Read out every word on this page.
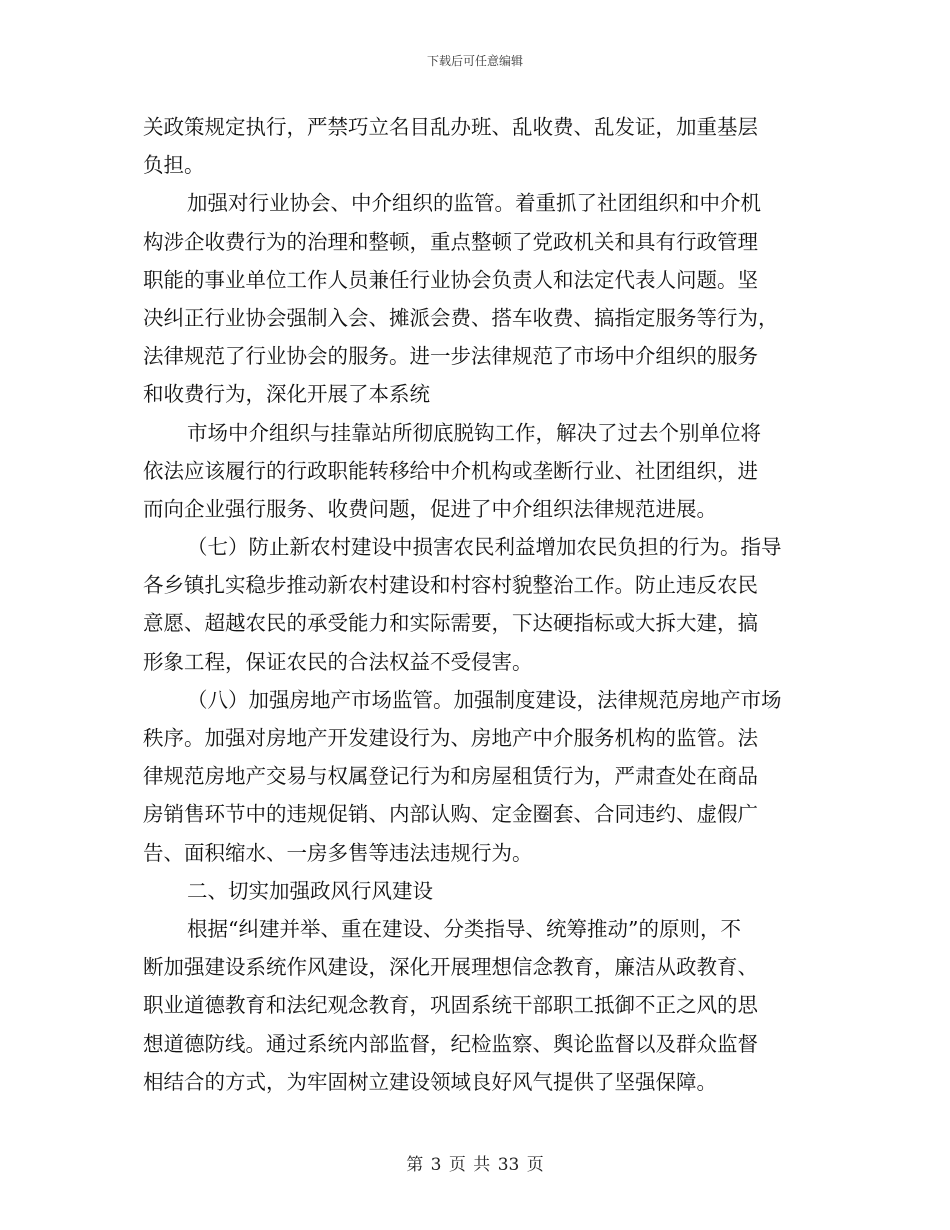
下载后可任意编辑
关政策规定执行，严禁巧立名目乱办班、乱收费、乱发证，加重基层
负担。
加强对行业协会、中介组织的监管。着重抓了社团组织和中介机
构涉企收费行为的治理和整顿，重点整顿了党政机关和具有行政管理
职能的事业单位工作人员兼任行业协会负责人和法定代表人问题。坚
决纠正行业协会强制入会、摊派会费、搭车收费、搞指定服务等行为，
法律规范了行业协会的服务。进一步法律规范了市场中介组织的服务
和收费行为，深化开展了本系统
市场中介组织与挂靠站所彻底脱钩工作，解决了过去个别单位将
依法应该履行的行政职能转移给中介机构或垄断行业、社团组织，进
而向企业强行服务、收费问题，促进了中介组织法律规范进展。
（七）防止新农村建设中损害农民利益增加农民负担的行为。指导
各乡镇扎实稳步推动新农村建设和村容村貌整治工作。防止违反农民
意愿、超越农民的承受能力和实际需要，下达硬指标或大拆大建，搞
形象工程，保证农民的合法权益不受侵害。
（八）加强房地产市场监管。加强制度建设，法律规范房地产市场
秩序。加强对房地产开发建设行为、房地产中介服务机构的监管。法
律规范房地产交易与权属登记行为和房屋租赁行为，严肃查处在商品
房销售环节中的违规促销、内部认购、定金圈套、合同违约、虚假广
告、面积缩水、一房多售等违法违规行为。
二、切实加强政风行风建设
根据“纠建并举、重在建设、分类指导、统筹推动”的原则，不
断加强建设系统作风建设，深化开展理想信念教育，廉洁从政教育、
职业道德教育和法纪观念教育，巩固系统干部职工抵御不正之风的思
想道德防线。通过系统内部监督，纪检监察、舆论监督以及群众监督
相结合的方式，为牢固树立建设领域良好风气提供了坚强保障。
第 3 页 共 33 页
